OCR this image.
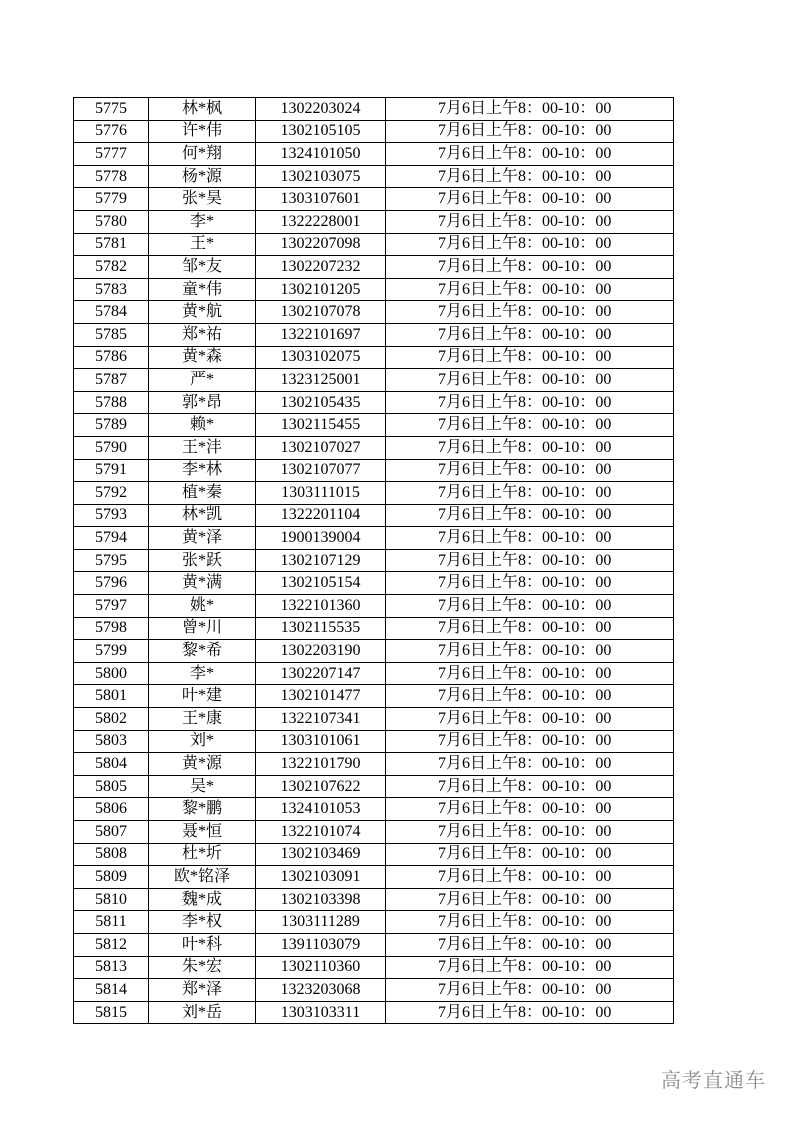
5775	林*枫	1302203024	7月6日上午8：00-10：00
5776	许*伟	1302105105	7月6日上午8：00-10：00
5777	何*翔	1324101050	7月6日上午8：00-10：00
5778	杨*源	1302103075	7月6日上午8：00-10：00
5779	张*昊	1303107601	7月6日上午8：00-10：00
5780	李*	1322228001	7月6日上午8：00-10：00
5781	王*	1302207098	7月6日上午8：00-10：00
5782	邹*友	1302207232	7月6日上午8：00-10：00
5783	童*伟	1302101205	7月6日上午8：00-10：00
5784	黄*航	1302107078	7月6日上午8：00-10：00
5785	郑*祐	1322101697	7月6日上午8：00-10：00
5786	黄*森	1303102075	7月6日上午8：00-10：00
5787	严*	1323125001	7月6日上午8：00-10：00
5788	郭*昂	1302105435	7月6日上午8：00-10：00
5789	赖*	1302115455	7月6日上午8：00-10：00
5790	王*沣	1302107027	7月6日上午8：00-10：00
5791	李*林	1302107077	7月6日上午8：00-10：00
5792	植*秦	1303111015	7月6日上午8：00-10：00
5793	林*凯	1322201104	7月6日上午8：00-10：00
5794	黄*泽	1900139004	7月6日上午8：00-10：00
5795	张*跃	1302107129	7月6日上午8：00-10：00
5796	黄*满	1302105154	7月6日上午8：00-10：00
5797	姚*	1322101360	7月6日上午8：00-10：00
5798	曾*川	1302115535	7月6日上午8：00-10：00
5799	黎*希	1302203190	7月6日上午8：00-10：00
5800	李*	1302207147	7月6日上午8：00-10：00
5801	叶*建	1302101477	7月6日上午8：00-10：00
5802	王*康	1322107341	7月6日上午8：00-10：00
5803	刘*	1303101061	7月6日上午8：00-10：00
5804	黄*源	1322101790	7月6日上午8：00-10：00
5805	吴*	1302107622	7月6日上午8：00-10：00
5806	黎*鹏	1324101053	7月6日上午8：00-10：00
5807	聂*恒	1322101074	7月6日上午8：00-10：00
5808	杜*圻	1302103469	7月6日上午8：00-10：00
5809	欧*铭泽	1302103091	7月6日上午8：00-10：00
5810	魏*成	1302103398	7月6日上午8：00-10：00
5811	李*权	1303111289	7月6日上午8：00-10：00
5812	叶*科	1391103079	7月6日上午8：00-10：00
5813	朱*宏	1302110360	7月6日上午8：00-10：00
5814	郑*泽	1323203068	7月6日上午8：00-10：00
5815	刘*岳	1303103311	7月6日上午8：00-10：00
高考直通车
